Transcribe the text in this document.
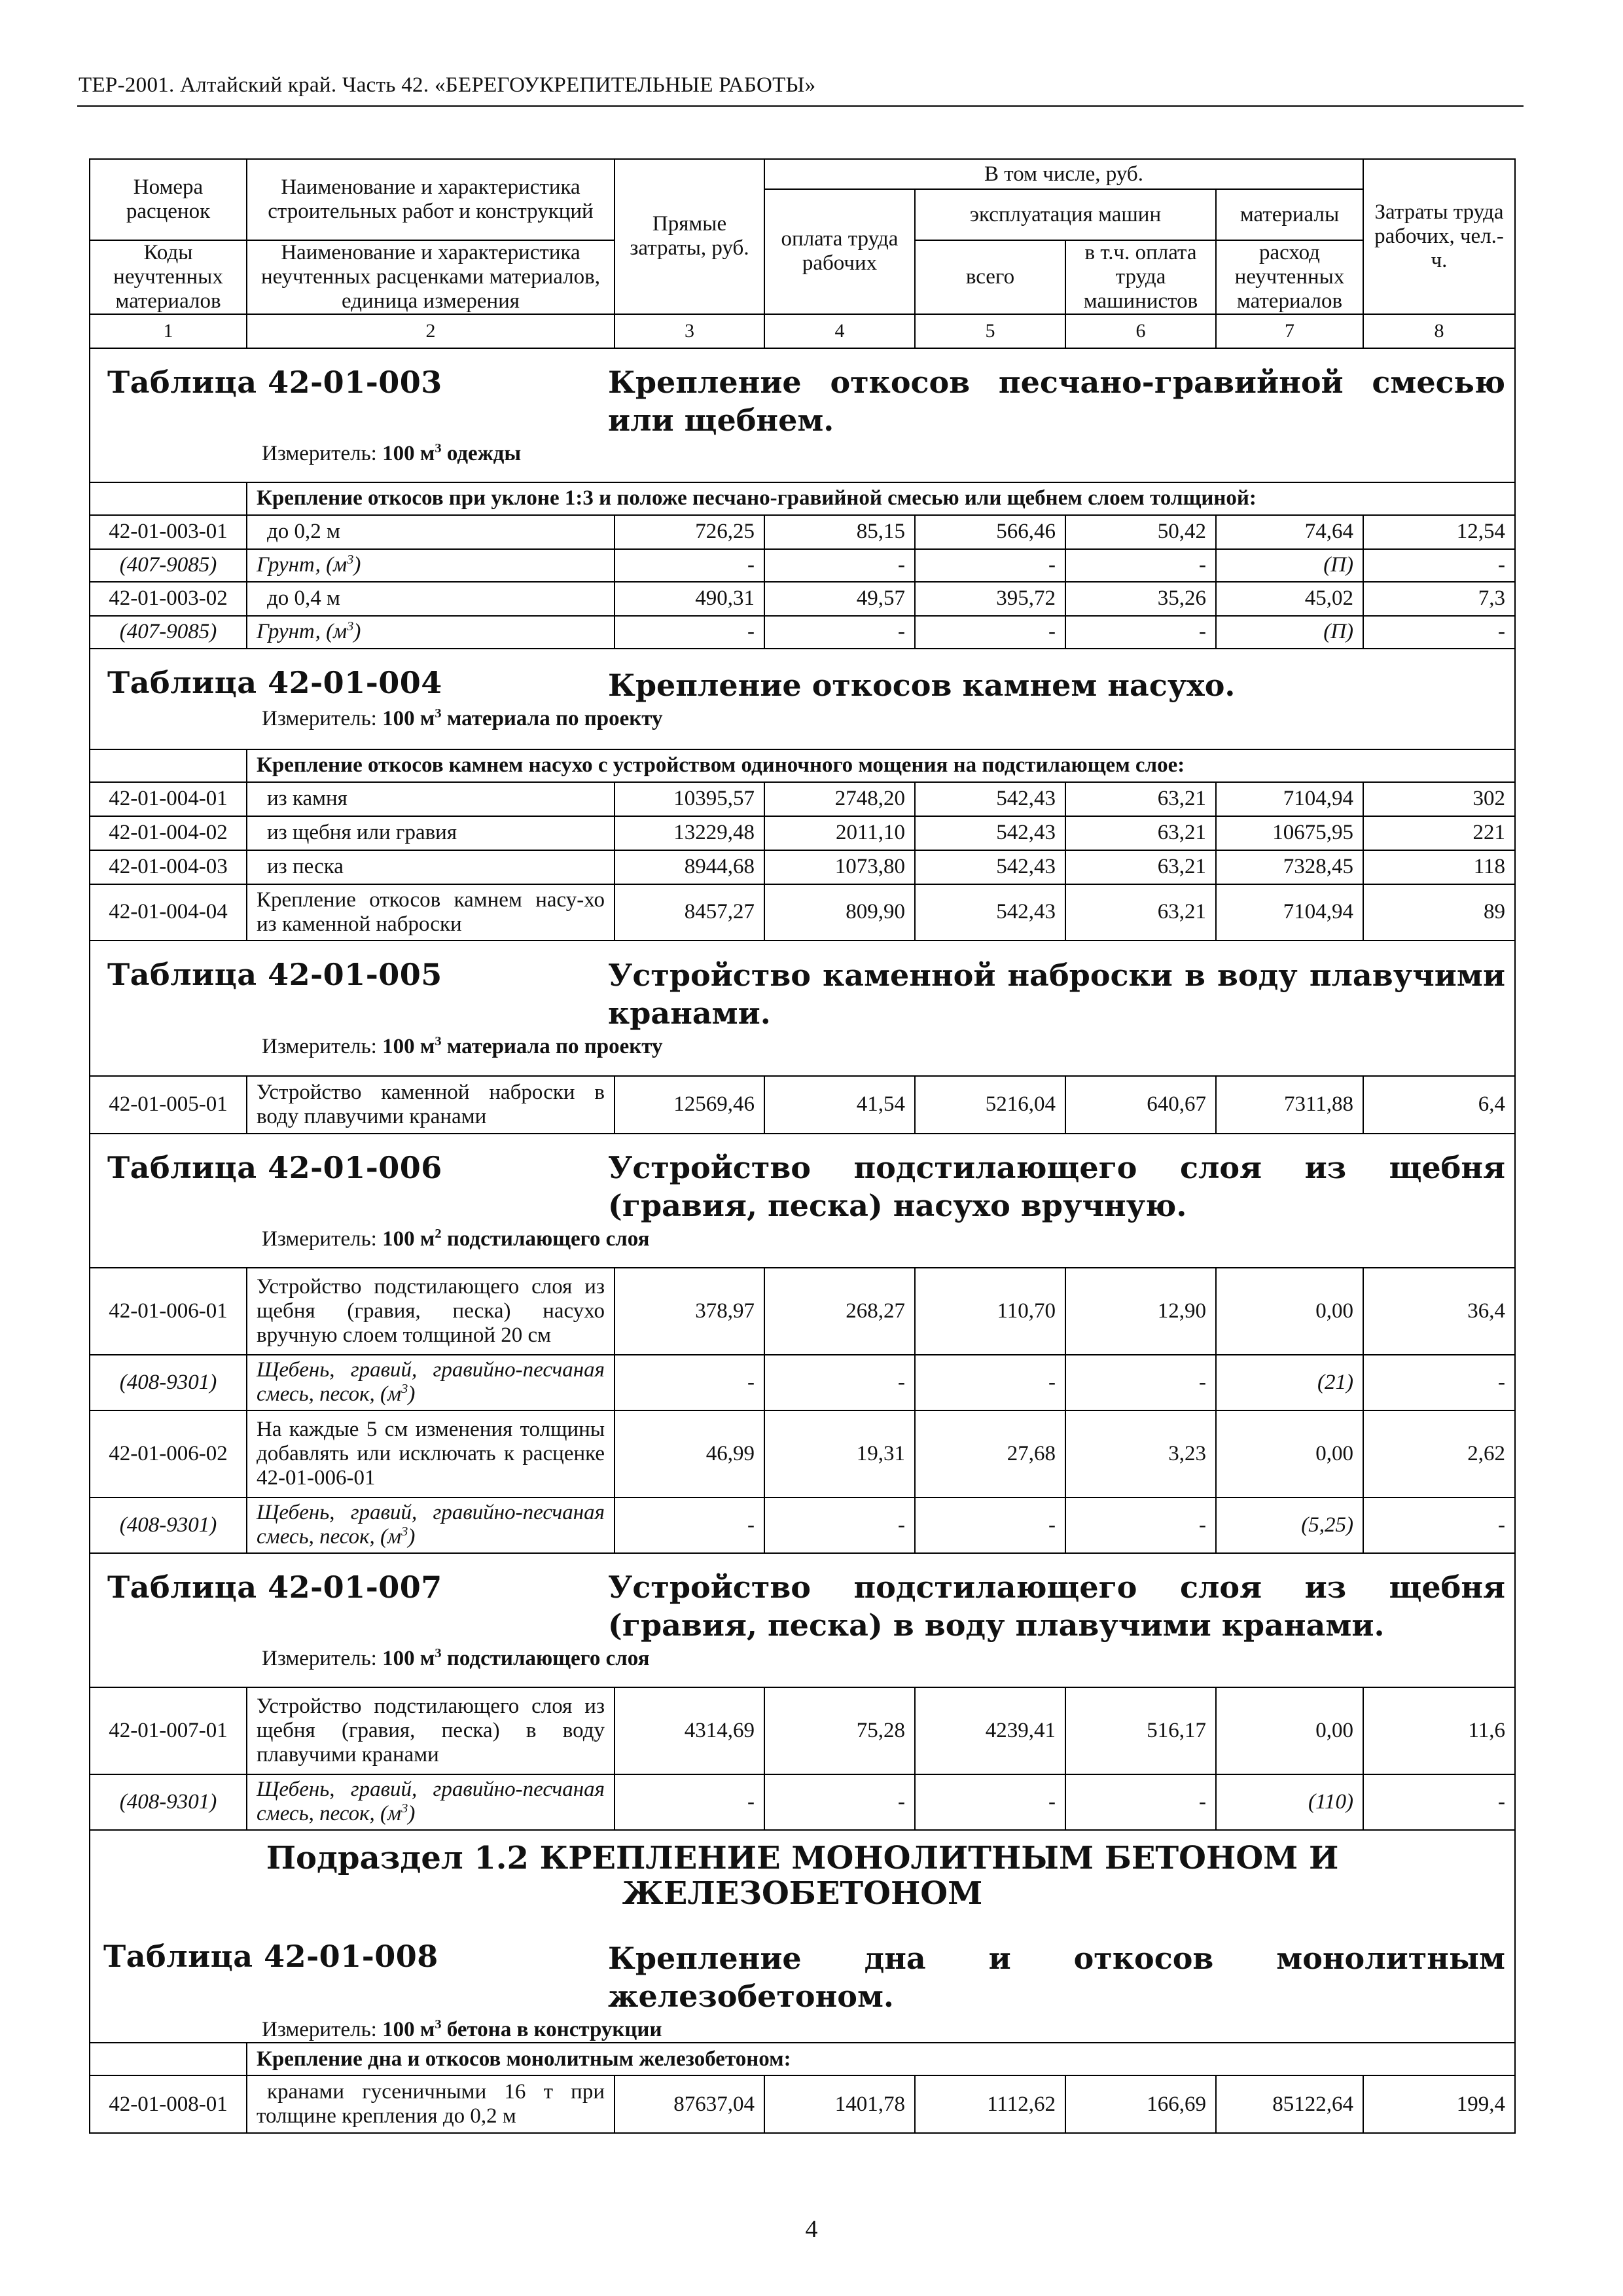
ТЕР-2001. Алтайский край. Часть 42. «БЕРЕГОУКРЕПИТЕЛЬНЫЕ РАБОТЫ»
Номера расценок	Наименование и характеристика строительных работ и конструкций	Прямые затраты, руб.	В том числе, руб.				Затраты труда рабочих, чел.-ч.
			оплата труда рабочих	эксплуатация машин		материалы	
Коды неучтенных материалов	Наименование и характеристика неучтенных расценками материалов, единица измерения			всего	в т.ч. оплата труда машинистов	расход неучтенных материалов	

1	2	3	4	5	6	7	8

Таблица 42-01-003 Крепление откосов песчано-гравийной смесью или щебнем.
Измеритель: 100 $м^3$ одежды							

	Крепление откосов при уклоне 1:3 и положе песчано-гравийной смесью или щебнем слоем толщиной:						
42-01-003-01	до 0,2 м	726,25	85,15	566,46	50,42	74,64	12,54
(407-9085)	Грунт, $(м^3)$	-	-	-	-	(П)	-
42-01-003-02	до 0,4 м	490,31	49,57	395,72	35,26	45,02	7,3
(407-9085)	Грунт, $(м^3)$	-	-	-	-	(П)	-

Таблица 42-01-004 Крепление откосов камнем насухо.
Измеритель: 100 $м^3$ материала по проекту							

	Крепление откосов камнем насухо с устройством одиночного мощения на подстилающем слое:						
42-01-004-01	из камня	10395,57	2748,20	542,43	63,21	7104,94	302
42-01-004-02	из щебня или гравия	13229,48	2011,10	542,43	63,21	10675,95	221
42-01-004-03	из песка	8944,68	1073,80	542,43	63,21	7328,45	118
42-01-004-04	Крепление откосов камнем насу-хо из каменной наброски	8457,27	809,90	542,43	63,21	7104,94	89

Таблица 42-01-005 Устройство каменной наброски в воду плавучими кранами.
Измеритель: 100 $м^3$ материала по проекту							

42-01-005-01	Устройство каменной наброски в воду плавучими кранами	12569,46	41,54	5216,04	640,67	7311,88	6,4

Таблица 42-01-006 Устройство подстилающего слоя из щебня (гравия, песка) насухо вручную.
Измеритель: 100 $м^2$ подстилающего слоя							

42-01-006-01	Устройство подстилающего слоя из щебня (гравия, песка) насухо вручную слоем толщиной 20 см	378,97	268,27	110,70	12,90	0,00	36,4
(408-9301)	Щебень, гравий, гравийно-песчаная смесь, песок, $(м^3)$	-	-	-	-	(21)	-
42-01-006-02	На каждые 5 см изменения толщины добавлять или исключать к расценке 42-01-006-01	46,99	19,31	27,68	3,23	0,00	2,62
(408-9301)	Щебень, гравий, гравийно-песчаная смесь, песок, $(м^3)$	-	-	-	-	(5,25)	-

Таблица 42-01-007 Устройство подстилающего слоя из щебня (гравия, песка) в воду плавучими кранами.
Измеритель: 100 $м^3$ подстилающего слоя							

42-01-007-01	Устройство подстилающего слоя из щебня (гравия, песка) в воду плавучими кранами	4314,69	75,28	4239,41	516,17	0,00	11,6
(408-9301)	Щебень, гравий, гравийно-песчаная смесь, песок, $(м^3)$	-	-	-	-	(110)	-

Подраздел 1.2 КРЕПЛЕНИЕ МОНОЛИТНЫМ БЕТОНОМ И ЖЕЛЕЗОБЕТОНОМ
Таблица 42-01-008 Крепление дна и откосов монолитным железобетоном.
Измеритель: 100 $м^3$ бетона в конструкции							

	Крепление дна и откосов монолитным железобетоном:						
42-01-008-01	кранами гусеничными 16 т при толщине крепления до 0,2 м	87637,04	1401,78	1112,62	166,69	85122,64	199,4
4
